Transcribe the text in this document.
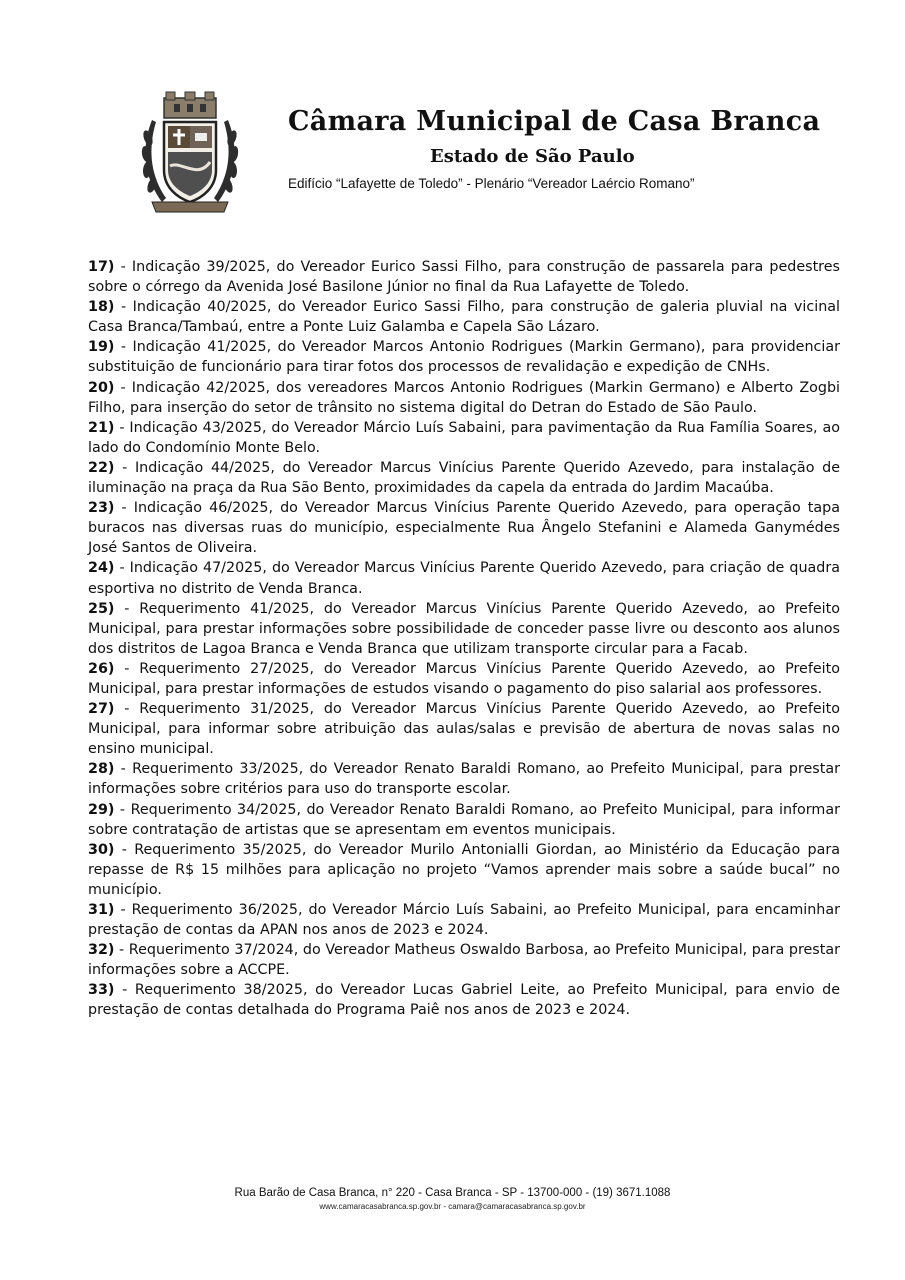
Câmara Municipal de Casa Branca
Estado de São Paulo
Edifício “Lafayette de Toledo” - Plenário “Vereador Laércio Romano”

17) - Indicação 39/2025, do Vereador Eurico Sassi Filho, para construção de passarela para pedestres sobre o córrego da Avenida José Basilone Júnior no final da Rua Lafayette de Toledo.

18) - Indicação 40/2025, do Vereador Eurico Sassi Filho, para construção de galeria pluvial na vicinal Casa Branca/Tambaú, entre a Ponte Luiz Galamba e Capela São Lázaro.

19) - Indicação 41/2025, do Vereador Marcos Antonio Rodrigues (Markin Germano), para providenciar substituição de funcionário para tirar fotos dos processos de revalidação e expedição de CNHs.

20) - Indicação 42/2025, dos vereadores Marcos Antonio Rodrigues (Markin Germano) e Alberto Zogbi Filho, para inserção do setor de trânsito no sistema digital do Detran do Estado de São Paulo.

21) - Indicação 43/2025, do Vereador Márcio Luís Sabaini, para pavimentação da Rua Família Soares, ao lado do Condomínio Monte Belo.

22) - Indicação 44/2025, do Vereador Marcus Vinícius Parente Querido Azevedo, para instalação de iluminação na praça da Rua São Bento, proximidades da capela da entrada do Jardim Macaúba.

23) - Indicação 46/2025, do Vereador Marcus Vinícius Parente Querido Azevedo, para operação tapa buracos nas diversas ruas do município, especialmente Rua Ângelo Stefanini e Alameda Ganymédes José Santos de Oliveira.

24) - Indicação 47/2025, do Vereador Marcus Vinícius Parente Querido Azevedo, para criação de quadra esportiva no distrito de Venda Branca.

25) - Requerimento 41/2025, do Vereador Marcus Vinícius Parente Querido Azevedo, ao Prefeito Municipal, para prestar informações sobre possibilidade de conceder passe livre ou desconto aos alunos dos distritos de Lagoa Branca e Venda Branca que utilizam transporte circular para a Facab.

26) - Requerimento 27/2025, do Vereador Marcus Vinícius Parente Querido Azevedo, ao Prefeito Municipal, para prestar informações de estudos visando o pagamento do piso salarial aos professores.

27) - Requerimento 31/2025, do Vereador Marcus Vinícius Parente Querido Azevedo, ao Prefeito Municipal, para informar sobre atribuição das aulas/salas e previsão de abertura de novas salas no ensino municipal.

28) - Requerimento 33/2025, do Vereador Renato Baraldi Romano, ao Prefeito Municipal, para prestar informações sobre critérios para uso do transporte escolar.

29) - Requerimento 34/2025, do Vereador Renato Baraldi Romano, ao Prefeito Municipal, para informar sobre contratação de artistas que se apresentam em eventos municipais.

30) - Requerimento 35/2025, do Vereador Murilo Antonialli Giordan, ao Ministério da Educação para repasse de R$ 15 milhões para aplicação no projeto “Vamos aprender mais sobre a saúde bucal” no município.

31) - Requerimento 36/2025, do Vereador Márcio Luís Sabaini, ao Prefeito Municipal, para encaminhar prestação de contas da APAN nos anos de 2023 e 2024.

32) - Requerimento 37/2024, do Vereador Matheus Oswaldo Barbosa, ao Prefeito Municipal, para prestar informações sobre a ACCPE.

33) - Requerimento 38/2025, do Vereador Lucas Gabriel Leite, ao Prefeito Municipal, para envio de prestação de contas detalhada do Programa Paiê nos anos de 2023 e 2024.

Rua Barão de Casa Branca, n° 220 - Casa Branca - SP - 13700-000 - (19) 3671.1088
www.camaracasabranca.sp.gov.br - camara@camaracasabranca.sp.gov.br
